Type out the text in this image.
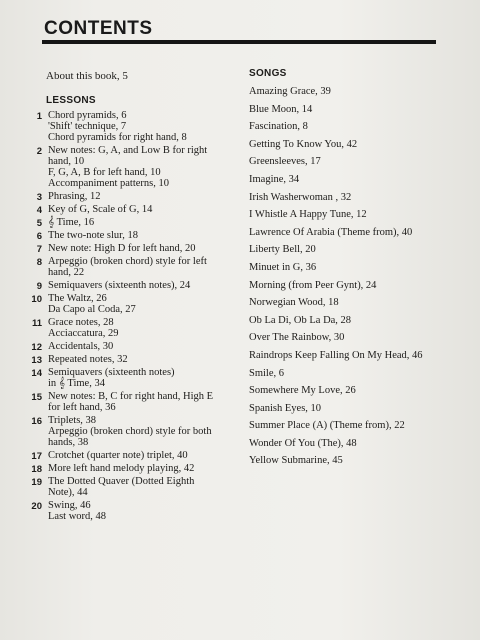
CONTENTS
About this book, 5
LESSONS
1 Chord pyramids, 6
'Shift' technique, 7
Chord pyramids for right hand, 8
2 New notes: G, A, and Low B for right
hand, 10
F, G, A, B for left hand, 10
Accompaniment patterns, 10
3 Phrasing, 12
4 Key of G, Scale of G, 14
5 𝄞 Time, 16
6 The two-note slur, 18
7 New note: High D for left hand, 20
8 Arpeggio (broken chord) style for left
hand, 22
9 Semiquavers (sixteenth notes), 24
10 The Waltz, 26
Da Capo al Coda, 27
11 Grace notes, 28
Acciaccatura, 29
12 Accidentals, 30
13 Repeated notes, 32
14 Semiquavers (sixteenth notes)
in 𝄞 Time, 34
15 New notes: B, C for right hand, High E
for left hand, 36
16 Triplets, 38
Arpeggio (broken chord) style for both
hands, 38
17 Crotchet (quarter note) triplet, 40
18 More left hand melody playing, 42
19 The Dotted Quaver (Dotted Eighth
Note), 44
20 Swing, 46
Last word, 48
SONGS
Amazing Grace, 39
Blue Moon, 14
Fascination, 8
Getting To Know You, 42
Greensleeves, 17
Imagine, 34
Irish Washerwoman , 32
I Whistle A Happy Tune, 12
Lawrence Of Arabia (Theme from), 40
Liberty Bell, 20
Minuet in G, 36
Morning (from Peer Gynt), 24
Norwegian Wood, 18
Ob La Di, Ob La Da, 28
Over The Rainbow, 30
Raindrops Keep Falling On My Head, 46
Smile, 6
Somewhere My Love, 26
Spanish Eyes, 10
Summer Place (A) (Theme from), 22
Wonder Of You (The), 48
Yellow Submarine, 45
